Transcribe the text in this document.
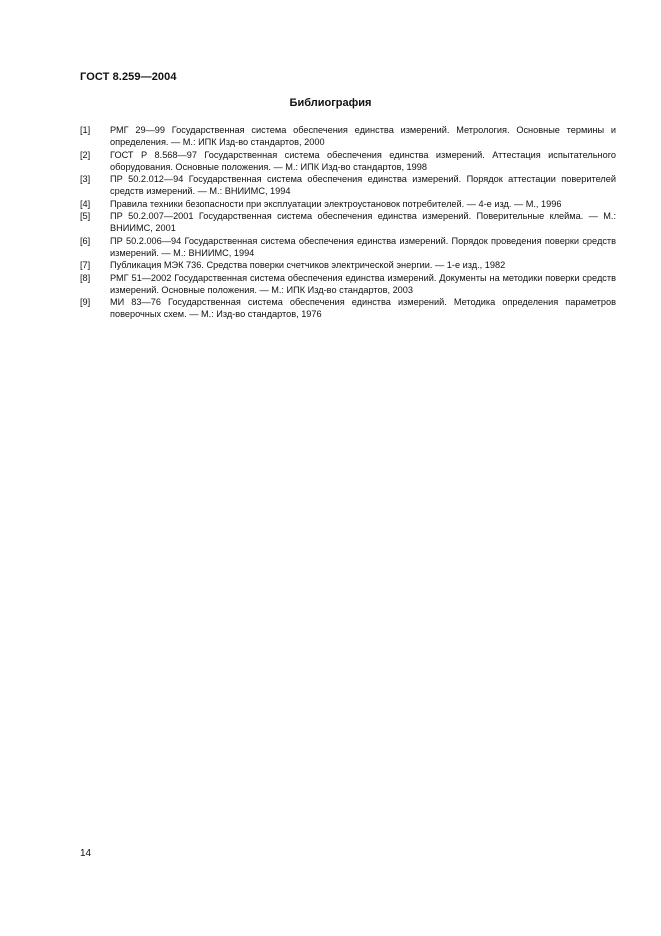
ГОСТ 8.259—2004
Библиография
[1]	РМГ 29—99 Государственная система обеспечения единства измерений. Метрология. Основные термины и определения. — М.: ИПК Изд-во стандартов, 2000
[2]	ГОСТ Р 8.568—97 Государственная система обеспечения единства измерений. Аттестация испытательного оборудования. Основные положения. — М.: ИПК Изд-во стандартов, 1998
[3]	ПР 50.2.012—94 Государственная система обеспечения единства измерений. Порядок аттестации поверителей средств измерений. — М.: ВНИИМС, 1994
[4]	Правила техники безопасности при эксплуатации электроустановок потребителей. — 4-е изд. — М., 1996
[5]	ПР 50.2.007—2001 Государственная система обеспечения единства измерений. Поверительные клейма. — М.: ВНИИМС, 2001
[6]	ПР 50.2.006—94 Государственная система обеспечения единства измерений. Порядок проведения поверки средств измерений. — М.: ВНИИМС, 1994
[7]	Публикация МЭК 736. Средства поверки счетчиков электрической энергии. — 1-е изд., 1982
[8]	РМГ 51—2002 Государственная система обеспечения единства измерений. Документы на методики поверки средств измерений. Основные положения. — М.: ИПК Изд-во стандартов, 2003
[9]	МИ 83—76 Государственная система обеспечения единства измерений. Методика определения параметров поверочных схем. — М.: Изд-во стандартов, 1976
14
